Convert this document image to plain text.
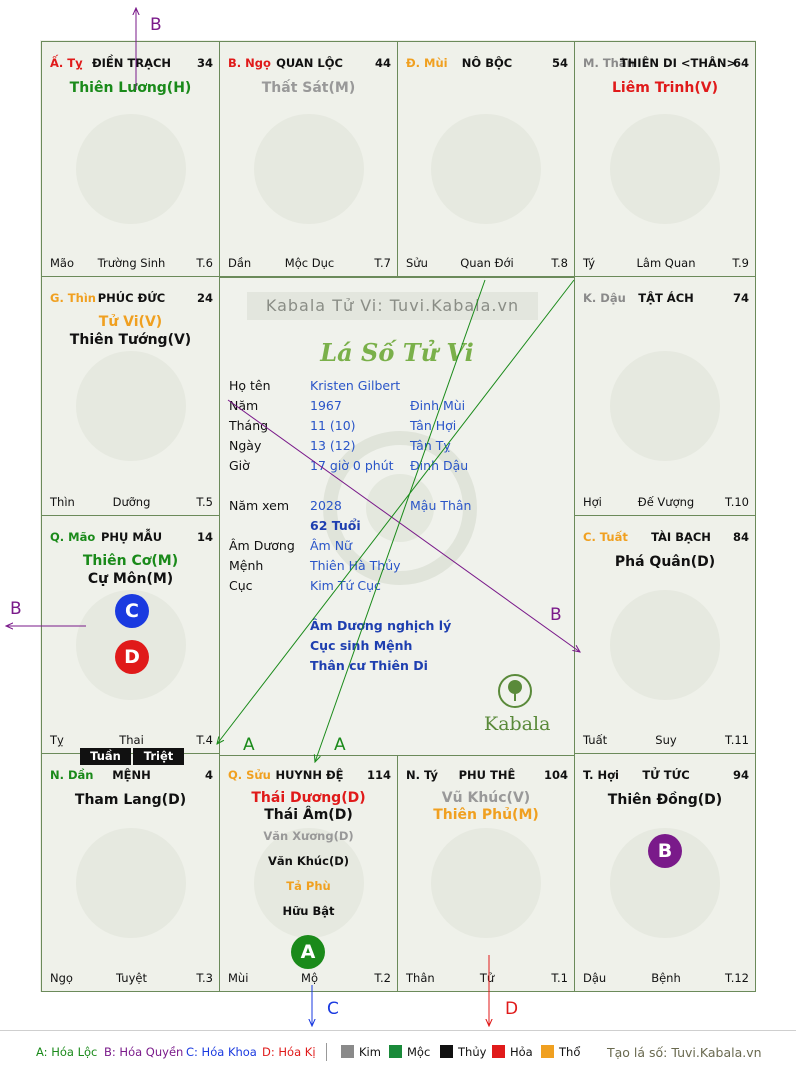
Ấ. Tỵ ĐIỀN TRẠCH	34
Thiên Lương(H)
Mão	Trường Sinh	T.6
B. Ngọ QUAN LỘC	44
Thất Sát(M)
Dần	Mộc Dục	T.7
Đ. Mùi	NÔ BỘC	54
Sửu	Quan Đới	T.8
M. Thân
THIÊN DI <THÂN>
64
Liêm Trinh(V)
Tý	Lâm Quan	T.9
G. Thìn PHÚC ĐỨC	24
Tử Vi(V)
Thiên Tướng(V)
Thìn	Dưỡng	T.5
K. Dậu	TẬT ÁCH	74
Hợi	Đế Vượng	T.10
Q. Mão PHỤ MẪU	14
Thiên Cơ(M)
Cự Môn(M)
C
D
Tỵ	Thai	T.4
C. Tuất	TÀI BẠCH	84
Phá Quân(D)
Tuất	Suy	T.11
N. Dần	MỆNH	4
Tham Lang(D)
Ngọ	Tuyệt	T.3
Q. Sửu HUYNH ĐỆ	114
Thái Dương(D)
Thái Âm(D)
Văn Xương(D)
Văn Khúc(D)
Tả Phù
Hữu Bật
A
Mùi	Mộ	T.2
N. Tý	PHU THÊ	104
Vũ Khúc(V)
Thiên Phủ(M)
Thân	Tử	T.1
T. Hợi	TỬ TỨC	94
Thiên Đồng(D)
B
Dậu	Bệnh	T.12
Kabala Tử Vi: Tuvi.Kabala.vn
Lá Số Tử Vi
Họ tên	Kristen Gilbert
Năm	1967	Đinh Mùi
Tháng	11 (10)	Tân Hợi
Ngày	13 (12)	Tân Tỵ
Giờ	17 giờ 0 phút Đinh Dậu
Năm xem 2028	Mậu Thân
62 Tuổi
Âm Dương Âm Nữ
Mệnh	Thiên Hà Thủy
Cục	Kim Tứ Cục
Âm Dương nghịch lý
Cục sinh Mệnh
Thân cư Thiên Di
Kabala
Tuần	Triệt
B
B	B
A	A
C	D
A: Hóa Lộc B: Hóa Quyền C: Hóa Khoa D: Hóa Kị	Kim Mộc Thủy Hỏa Thổ Tạo lá số: Tuvi.Kabala.vn
